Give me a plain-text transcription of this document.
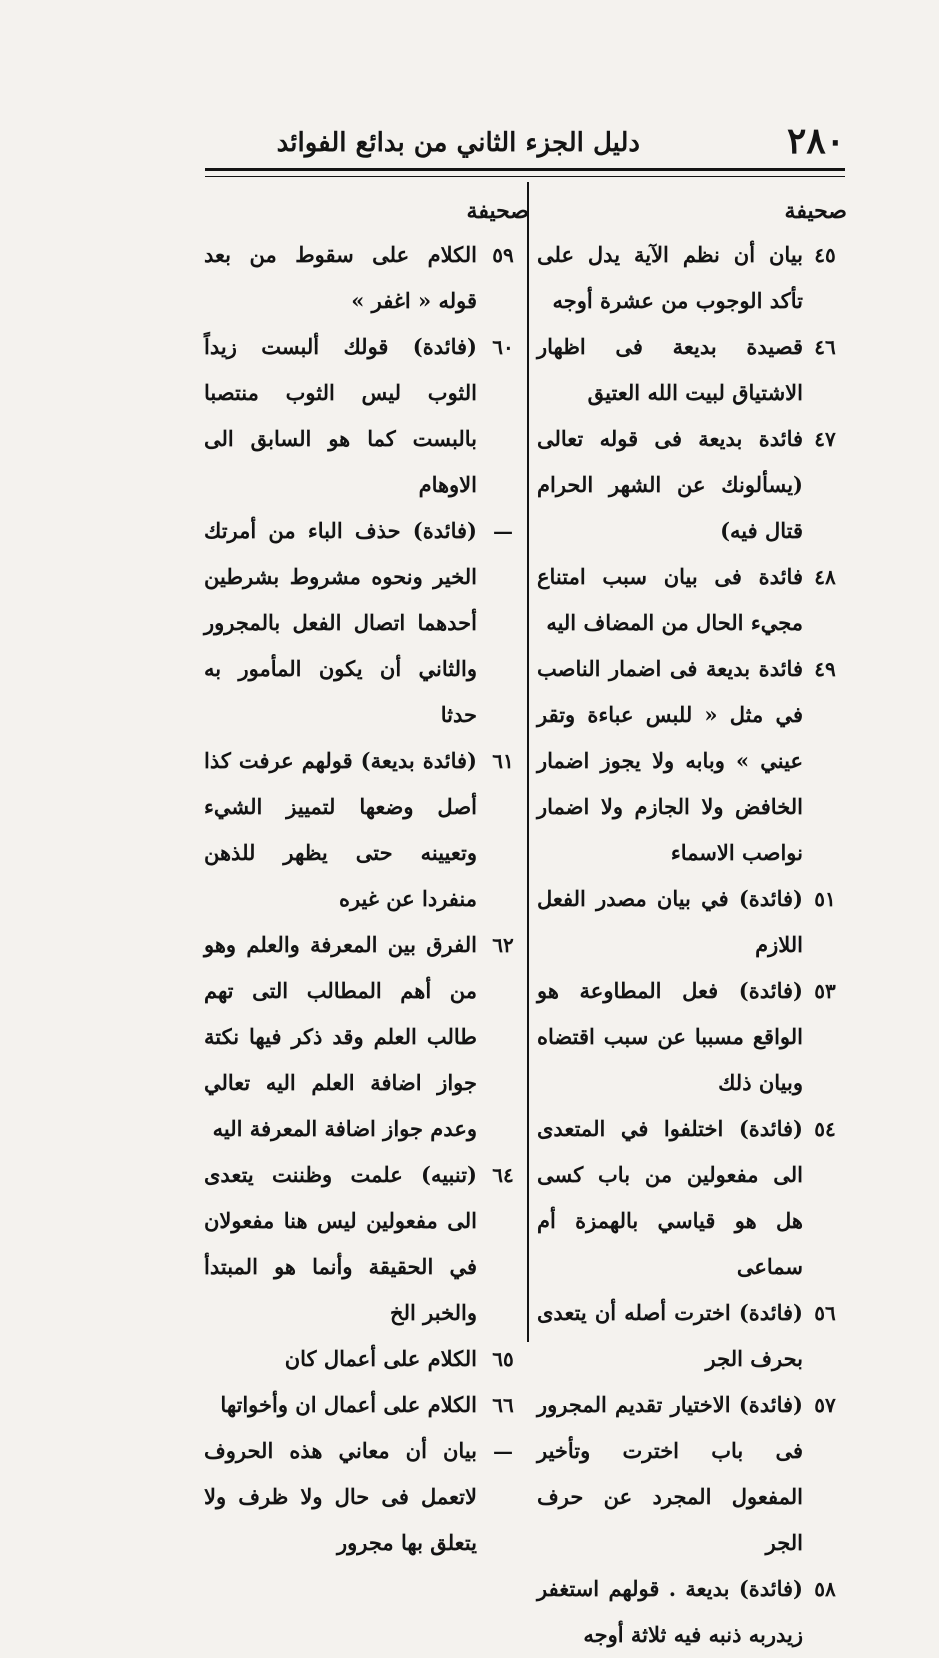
٢٨٠
دليل الجزء الثاني من بدائع الفوائد
صحيفة
٤٥
بيان أن نظم الآية يدل على تأكد الوجوب من عشرة أوجه
٤٦
قصيدة بديعة فى اظهار الاشتياق لبيت الله العتيق
٤٧
فائدة بديعة فى قوله تعالى (يسألونك عن الشهر الحرام قتال فيه)
٤٨
فائدة فى بيان سبب امتناع مجيء الحال من المضاف اليه
٤٩
فائدة بديعة فى اضمار الناصب في مثل « للبس عباءة وتقر عيني » وبابه ولا يجوز اضمار الخافض ولا الجازم ولا اضمار نواصب الاسماء
٥١
(فائدة) في بيان مصدر الفعل اللازم
٥٣
(فائدة) فعل المطاوعة هو الواقع مسببا عن سبب اقتضاه وبيان ذلك
٥٤
(فائدة) اختلفوا في المتعدى الى مفعولين من باب كسى هل هو قياسي بالهمزة أم سماعى
٥٦
(فائدة) اخترت أصله أن يتعدى بحرف الجر
٥٧
(فائدة) الاختيار تقديم المجرور فى باب اخترت وتأخير المفعول المجرد عن حرف الجر
٥٨
(فائدة) بديعة . قولهم استغفر زيدربه ذنبه فيه ثلاثة أوجه
صحيفة
٥٩
الكلام على سقوط من بعد قوله « اغفر »
٦٠
(فائدة) قولك ألبست زيداً الثوب ليس الثوب منتصبا بالبست كما هو السابق الى الاوهام
—
(فائدة) حذف الباء من أمرتك الخير ونحوه مشروط بشرطين أحدهما اتصال الفعل بالمجرور والثاني أن يكون المأمور به حدثا
٦١
(فائدة بديعة) قولهم عرفت كذا أصل وضعها لتمييز الشيء وتعيينه حتى يظهر للذهن منفردا عن غيره
٦٢
الفرق بين المعرفة والعلم وهو من أهم المطالب التى تهم طالب العلم وقد ذكر فيها نكتة جواز اضافة العلم اليه تعالي وعدم جواز اضافة المعرفة اليه
٦٤
(تنبيه) علمت وظننت يتعدى الى مفعولين ليس هنا مفعولان في الحقيقة وأنما هو المبتدأ والخبر الخ
٦٥
الكلام على أعمال كان
٦٦
الكلام على أعمال ان وأخواتها
—
بيان أن معاني هذه الحروف لاتعمل فى حال ولا ظرف ولا يتعلق بها مجرور
